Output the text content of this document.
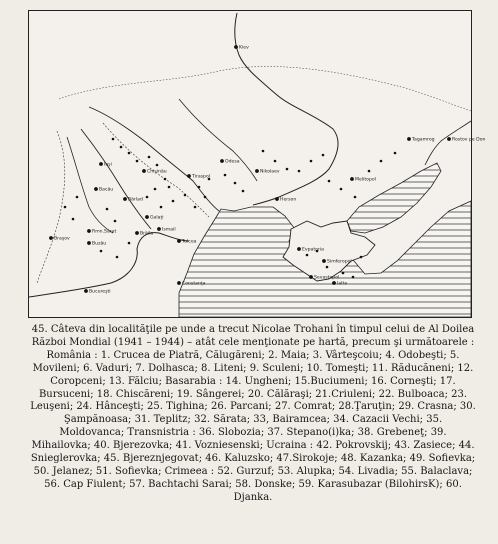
Kiev
Tagamrog	Rostov pe Don
Odesa
Nikolaev
Melitopol
Herson
Tiraspol
Chişinău
Iaşi
Bacău
Bârlad
Galaţi
Brăila
Ismail
Tulcea
Constanţa
Rmn.Sărat
Buzău
Braşov
Bucureşti
Evpatoria
Simferopol
Sevastopol
Ialta

45. Câteva din localităţile pe unde a trecut Nicolae Trohani în timpul celui de Al Doilea Război Mondial (1941 – 1944) – atât cele menţionate pe hartă, precum şi următoarele : România : 1. Crucea de Piatră, Călugăreni; 2. Maia; 3. Vârteşcoiu; 4. Odobeşti; 5. Movileni; 6. Vaduri; 7. Dolhasca; 8. Liteni; 9. Sculeni; 10. Tomeşti; 11. Răducăneni; 12. Coropceni; 13. Fălciu; Basarabia : 14. Ungheni; 15.Buciumeni; 16. Corneşti; 17. Bursuceni; 18. Chiscăreni; 19. Sângerei; 20. Călăraşi; 21.Criuleni; 22. Bulboaca; 23. Leuşeni; 24. Hânceşti; 25. Tighina; 26. Parcani; 27. Comrat; 28.Ţaruţin; 29. Crasna; 30. Şampănoasa; 31. Teplitz; 32. Sărata; 33, Bairamcea; 34. Cazacii Vechi; 35. Moldovanca; Transnistria : 36. Slobozia; 37. Stepano(i)ka; 38. Grebeneţ; 39. Mihailovka; 40. Bjerezovka; 41. Vozniesenski; Ucraina : 42. Pokrovskij; 43. Zasiece; 44. Snieglerovka; 45. Bjereznjegovat; 46. Kaluzsko; 47.Sirokoje; 48. Kazanka; 49. Sofievka; 50. Jelanez; 51. Sofievka; Crimeea : 52. Gurzuf; 53. Alupka; 54. Livadia; 55. Balaclava; 56. Cap Fiulent; 57. Bachtachi Sarai; 58. Donske; 59. Karasubazar (BilohirsK); 60. Djanka.
